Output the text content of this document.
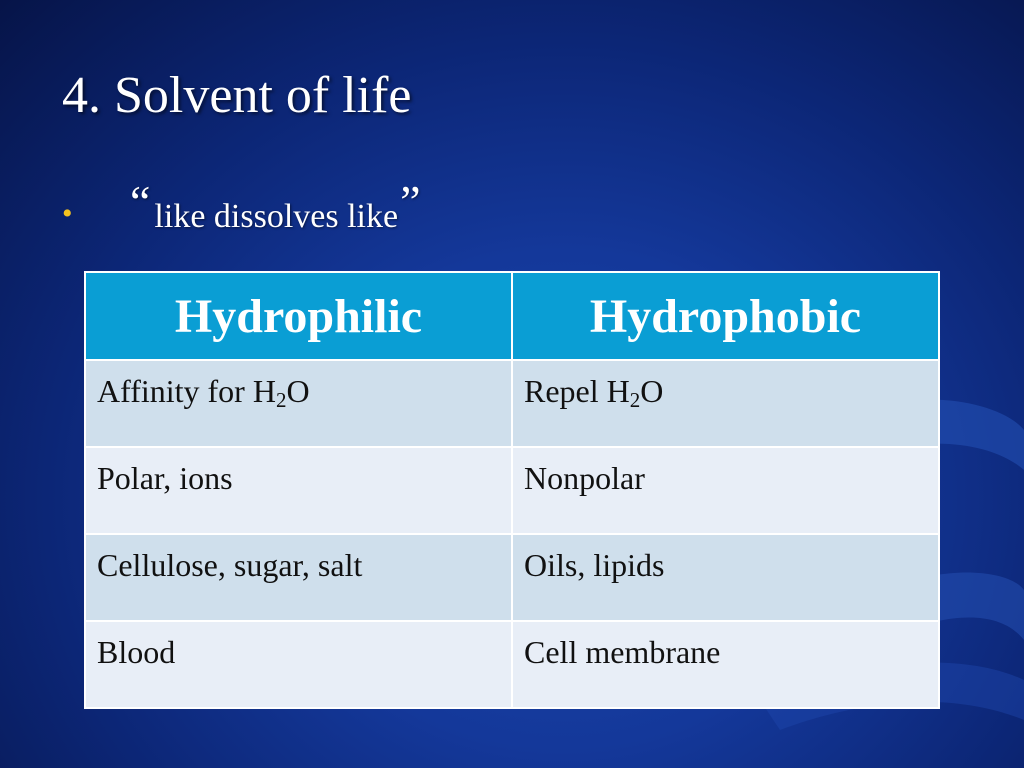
4. Solvent of life
•	“ like dissolves like”
Hydrophilic	Hydrophobic
Affinity for $H_2O$	Repel $H_2O$
Polar, ions	Nonpolar
Cellulose, sugar, salt	Oils, lipids
Blood	Cell membrane
